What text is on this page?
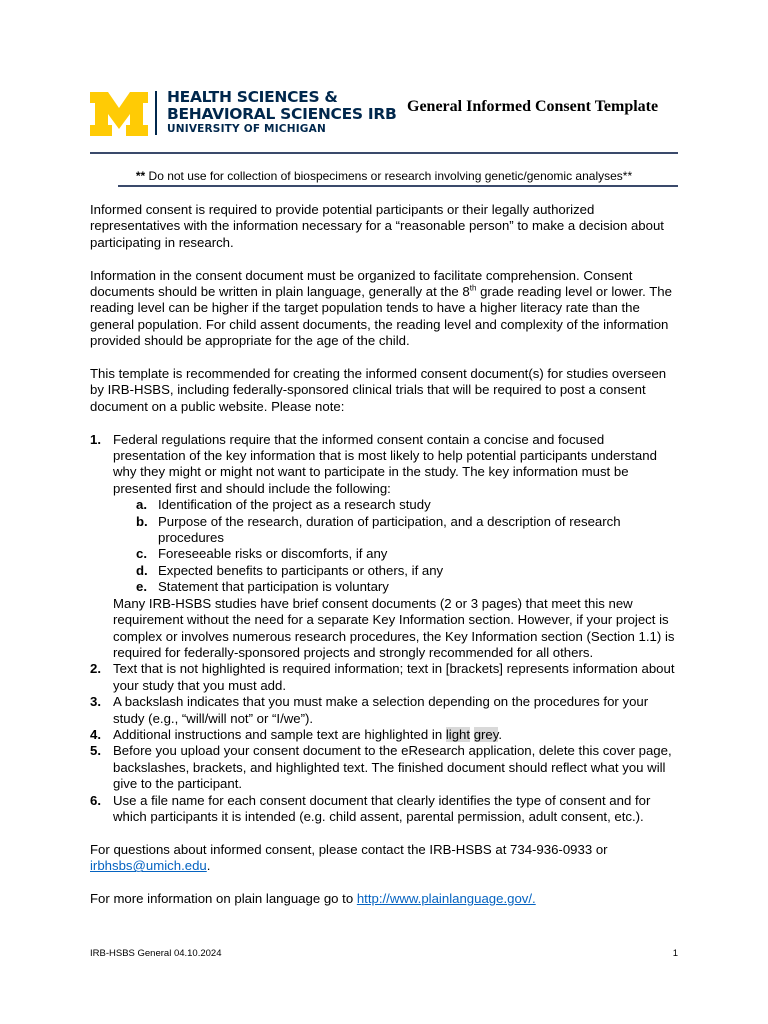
HEALTH SCIENCES &
BEHAVIORAL SCIENCES IRB
UNIVERSITY OF MICHIGAN
General Informed Consent Template
** Do not use for collection of biospecimens or research involving genetic/genomic analyses**

Informed consent is required to provide potential participants or their legally authorized representatives with the information necessary for a “reasonable person” to make a decision about participating in research.

Information in the consent document must be organized to facilitate comprehension. Consent documents should be written in plain language, generally at the 8th grade reading level or lower. The reading level can be higher if the target population tends to have a higher literacy rate than the general population. For child assent documents, the reading level and complexity of the information provided should be appropriate for the age of the child.

This template is recommended for creating the informed consent document(s) for studies overseen by IRB-HSBS, including federally-sponsored clinical trials that will be required to post a consent document on a public website. Please note:

1. Federal regulations require that the informed consent contain a concise and focused presentation of the key information that is most likely to help potential participants understand why they might or might not want to participate in the study. The key information must be presented first and should include the following:
a. Identification of the project as a research study
b. Purpose of the research, duration of participation, and a description of research procedures
c. Foreseeable risks or discomforts, if any
d. Expected benefits to participants or others, if any
e. Statement that participation is voluntary
Many IRB-HSBS studies have brief consent documents (2 or 3 pages) that meet this new requirement without the need for a separate Key Information section. However, if your project is complex or involves numerous research procedures, the Key Information section (Section 1.1) is required for federally-sponsored projects and strongly recommended for all others.
2. Text that is not highlighted is required information; text in [brackets] represents information about your study that you must add.
3. A backslash indicates that you must make a selection depending on the procedures for your study (e.g., “will/will not” or “I/we”).
4. Additional instructions and sample text are highlighted in light grey.
5. Before you upload your consent document to the eResearch application, delete this cover page, backslashes, brackets, and highlighted text. The finished document should reflect what you will give to the participant.
6. Use a file name for each consent document that clearly identifies the type of consent and for which participants it is intended (e.g. child assent, parental permission, adult consent, etc.).

For questions about informed consent, please contact the IRB-HSBS at 734-936-0933 or irbhsbs@umich.edu.

For more information on plain language go to http://www.plainlanguage.gov/.

IRB-HSBS General 04.10.2024	1
